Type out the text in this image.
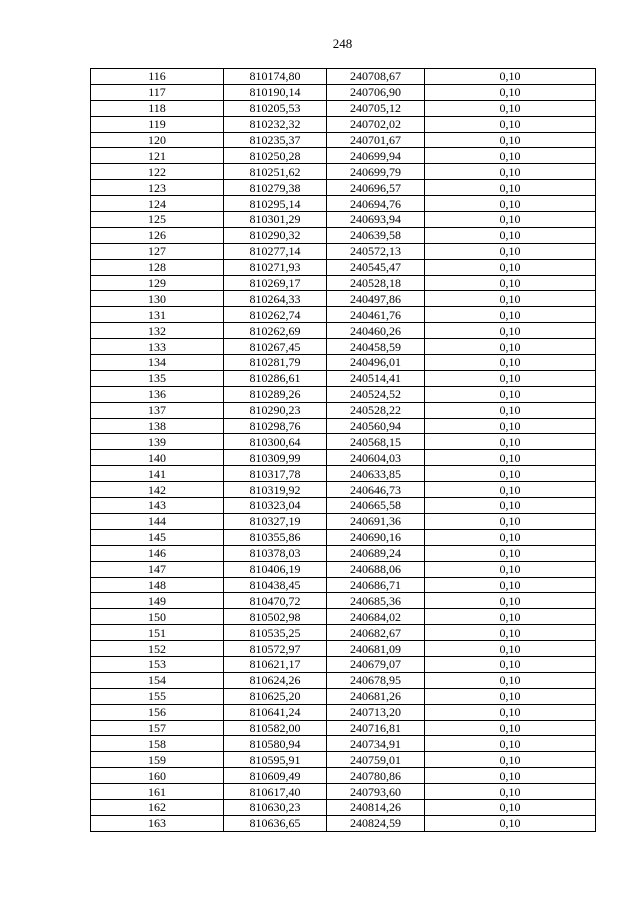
248
116	810174,80	240708,67	0,10
117	810190,14	240706,90	0,10
118	810205,53	240705,12	0,10
119	810232,32	240702,02	0,10
120	810235,37	240701,67	0,10
121	810250,28	240699,94	0,10
122	810251,62	240699,79	0,10
123	810279,38	240696,57	0,10
124	810295,14	240694,76	0,10
125	810301,29	240693,94	0,10
126	810290,32	240639,58	0,10
127	810277,14	240572,13	0,10
128	810271,93	240545,47	0,10
129	810269,17	240528,18	0,10
130	810264,33	240497,86	0,10
131	810262,74	240461,76	0,10
132	810262,69	240460,26	0,10
133	810267,45	240458,59	0,10
134	810281,79	240496,01	0,10
135	810286,61	240514,41	0,10
136	810289,26	240524,52	0,10
137	810290,23	240528,22	0,10
138	810298,76	240560,94	0,10
139	810300,64	240568,15	0,10
140	810309,99	240604,03	0,10
141	810317,78	240633,85	0,10
142	810319,92	240646,73	0,10
143	810323,04	240665,58	0,10
144	810327,19	240691,36	0,10
145	810355,86	240690,16	0,10
146	810378,03	240689,24	0,10
147	810406,19	240688,06	0,10
148	810438,45	240686,71	0,10
149	810470,72	240685,36	0,10
150	810502,98	240684,02	0,10
151	810535,25	240682,67	0,10
152	810572,97	240681,09	0,10
153	810621,17	240679,07	0,10
154	810624,26	240678,95	0,10
155	810625,20	240681,26	0,10
156	810641,24	240713,20	0,10
157	810582,00	240716,81	0,10
158	810580,94	240734,91	0,10
159	810595,91	240759,01	0,10
160	810609,49	240780,86	0,10
161	810617,40	240793,60	0,10
162	810630,23	240814,26	0,10
163	810636,65	240824,59	0,10
